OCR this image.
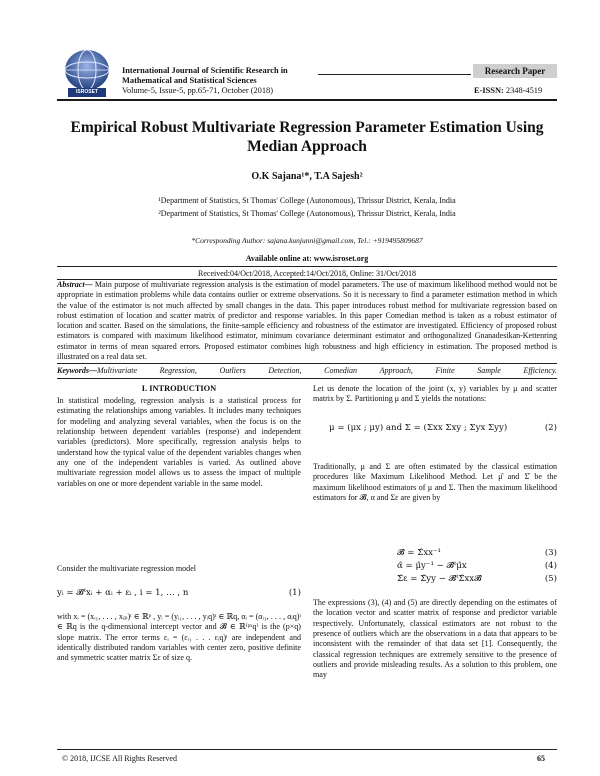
ISROSET
International Journal of Scientific Research in
Mathematical and Statistical Sciences
Research Paper
Volume-5, Issue-5, pp.65-71, October (2018)	E-ISSN: 2348-4519
Empirical Robust Multivariate Regression Parameter Estimation Using
Median Approach
O.K Sajana¹*, T.A Sajesh²
¹Department of Statistics, St Thomas' College (Autonomous), Thrissur District, Kerala, India
²Department of Statistics, St Thomas' College (Autonomous), Thrissur District, Kerala, India
*Corresponding Author: sajana.kunjunni@gmail.com, Tel.: +919495809687
Available online at: www.isroset.org
Received:04/Oct/2018, Accepted:14/Oct/2018, Online: 31/Oct/2018
Abstract— Main purpose of multivariate regression analysis is the estimation of model parameters. The use of maximum likelihood method would not be appropriate in estimation problems while data contains outlier or extreme observations. So it is necessary to find a parameter estimation method in which the value of the estimator is not much affected by small changes in the data. This paper introduces robust method for multivariate regression based on robust estimation of location and scatter matrix of predictor and response variables. In this paper Comedian method is taken as a robust estimator of location and scatter. Based on the simulations, the finite-sample efficiency and robustness of the estimator are investigated. Efficiency of proposed robust estimators is compared with maximum likelihood estimator, minimum covariance determinant estimator and orthogonalized Gnanadesikan-Kettenring estimator in terms of mean squared errors. Proposed estimator combines high robustness and high efficiency in estimation. The proposed method is illustrated on a real data set.
Keywords—Multivariate	Regression,	Outliers	Detection,	Comedian	Approach,	Finite	Sample	Efficiency.
I. INTRODUCTION
In statistical modeling, regression analysis is a statistical process for estimating the relationships among variables. It includes many techniques for modeling and analyzing several variables, when the focus is on the relationship between dependent variables (response) and independent variables (predictors). More specifically, regression analysis helps to understand how the typical value of the dependent variables changes when any one of the independent variables is varied. As outlined above multivariate regression model allows us to assess the impact of multiple variables on one or more dependent variable in the same model.
Consider the multivariate regression model
yᵢ = 𝓑ᵗxᵢ + αᵢ + εᵢ , i = 1, … , n	(1)
with xᵢ = (xᵢ₁, . . . , xᵢₚ)ᵗ ∈ ℝᵖ , yᵢ = (yᵢ₁, . . . , yᵢq)ᵗ ∈ ℝq, αᵢ = (αᵢ₁, . . . , αᵢq)ᵗ ∈ ℝq is the q-dimensional intercept vector and 𝓑 ∈ ℝ⁽ᵖˣq⁾ is the (p×q) slope matrix. The error terms εᵢ = (εᵢ₁ . . . εᵢq)ᵗ are independent and identically distributed random variables with center zero, positive definite and symmetric scatter matrix Σε of size q.
Let us denote the location of the joint (x, y) variables by μ and scatter matrix by Σ. Partitioning μ and Σ yields the notations:
μ = (μx ; μy) and Σ = (Σxx Σxy ; Σyx Σyy)	(2)
Traditionally, μ and Σ are often estimated by the classical estimation procedures like Maximum Likelihood Method. Let μ̂ and Σ̂ be the maximum likelihood estimators of μ and Σ. Then the maximum likelihood estimators for 𝓑, α and Σε are given by
𝓑̂ = Σ̂xx⁻¹	(3)
α̂ = μ̂y⁻¹ − 𝓑̂ᵗμ̂x	(4)
Σ̂ε = Σ̂yy − 𝓑̂ᵗΣ̂xx𝓑̂	(5)
The expressions (3), (4) and (5) are directly depending on the estimates of the location vector and scatter matrix of response and predictor variable respectively. Unfortunately, classical estimators are not robust to the presence of outliers which are the observations in a data that appears to be inconsistent with the remainder of that data set [1]. Consequently, the classical regression techniques are extremely sensitive to the presence of outliers and provide misleading results. As a solution to this problem, one may
© 2018, IJCSE All Rights Reserved	65
